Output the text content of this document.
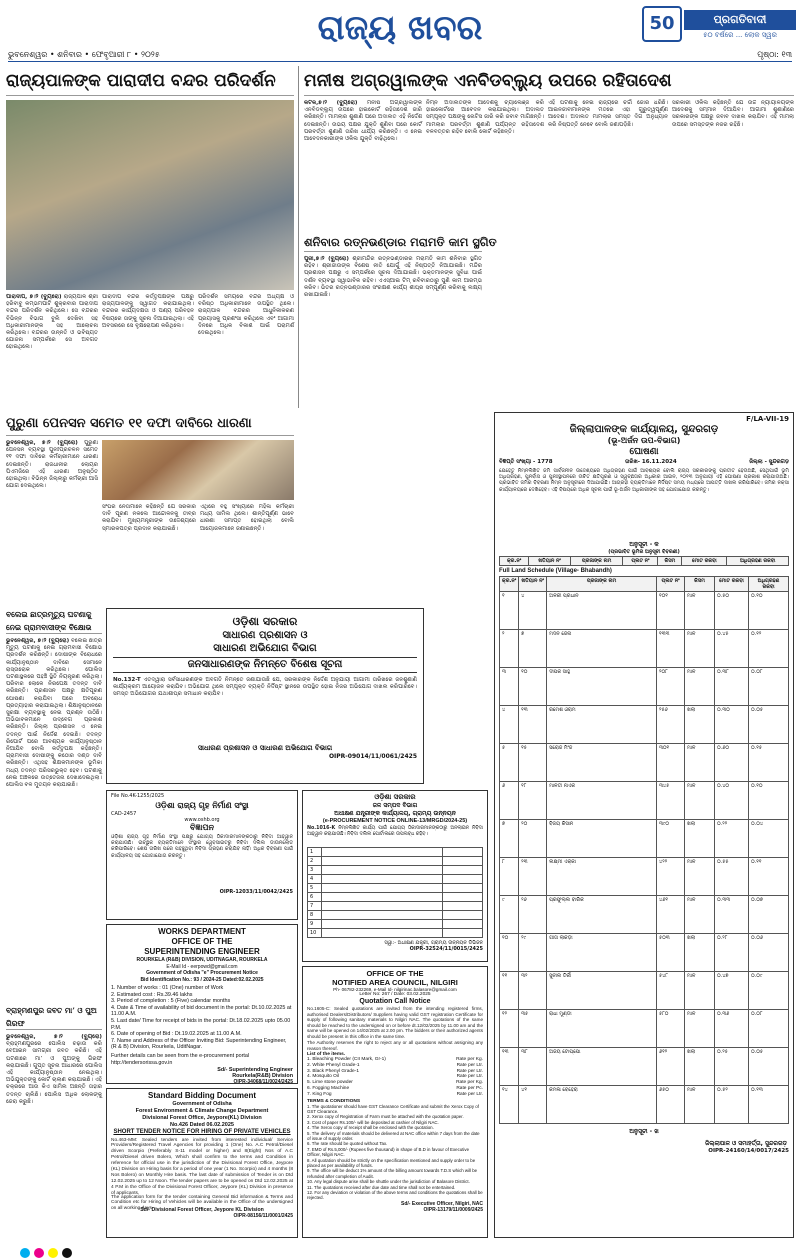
ରାଜ୍ୟ ଖବର	50	ପ୍ରଗତିବାଦୀ
୫୦ ବର୍ଷରେ ... ଲୋକ ସ୍ୱର
ଭୁବନେଶ୍ୱର • ଶନିବାର • ଫେବୃଆରୀ ୮ • ୨୦୨୫	ପୃଷ୍ଠା: ୧୩
ରାଜ୍ୟପାଳଙ୍କ ପାରାଦୀପ ବନ୍ଦର ପରିଦର୍ଶନ
ପାରାଦୀପ, ୭।୨ (ବ୍ୟୁରୋ) ରାଜ୍ୟପାଳ ଶ୍ରୀ ହରିବାବୁ କମ୍ଭମପାଟି ଶୁକ୍ରବାର ପାରାଦୀପ ବନ୍ଦର ପରିଦର୍ଶନ କରିଥିଲେ। ସେ ବନ୍ଦରର ବିଭିନ୍ନ ବିଭାଗ ବୁଲି ଦେଖିବା ସହ ଅଧିକାରୀମାନଙ୍କ ସହ ଆଲୋଚନା କରିଥିଲେ। ବନ୍ଦରର ଉନ୍ନତି ଓ ଭବିଷ୍ୟତ ଯୋଜନା ସମ୍ପର୍କରେ ସେ ଅବଗତ ହୋଇଥିଲେ।
ପାରାଦୀପ ବନ୍ଦର କର୍ତ୍ତୃପକ୍ଷଙ୍କ ପକ୍ଷରୁ ରାଜ୍ୟପାଳଙ୍କୁ ସ୍ୱାଗତ କରାଯାଇଥିଲା। ବନ୍ଦରର କାର୍ଯ୍ୟଦକ୍ଷତା ଓ ପଣ୍ୟ ପରିବହନ ବିଷୟରେ ତାଙ୍କୁ ସୂଚନା ଦିଆଯାଇଥିଲା। ଏହି ଅବସରରେ ସେ ବୃକ୍ଷରୋପଣ କରିଥିଲେ।
ପରିଦର୍ଶନ ସମୟରେ ବନ୍ଦର ଅଧ୍ୟକ୍ଷ ଓ ବରିଷ୍ଠ ଅଧିକାରୀମାନେ ଉପସ୍ଥିତ ଥିଲେ। ରାଜ୍ୟପାଳ ବନ୍ଦରର ଆଧୁନିକୀକରଣ ପ୍ରୟାସକୁ ପ୍ରଶଂସା କରିଥିଲେ ଏବଂ ଆଗାମୀ ଦିନରେ ଅଧିକ ବିକାଶ ପାଇଁ ପରାମର୍ଶ ଦେଇଥିଲେ।
ମନୀଷ ଅଗ୍ରୱାଲଙ୍କ ଏନବିଡବ୍ଲ୍ୟୁ ଉପରେ ରହିତାଦେଶ
କଟକ,୭।୨ (ବ୍ୟୁରୋ) ମନୀଷ ଅଗ୍ରୱାଲଙ୍କ ଏନବିଡବ୍ଲ୍ୟୁ ଉପରେ ହାଇକୋର୍ଟ ରହିତାଦେଶ ଜାରି କରିଛନ୍ତି। ମାମଲାର ଶୁଣାଣି ପରେ ଅଦାଲତ ଏହି ନିର୍ଦ୍ଦେଶ ଦେଇଛନ୍ତି। ଉଭୟ ପକ୍ଷର ଯୁକ୍ତି ଶୁଣିବା ପରେ କୋର୍ଟ ପରବର୍ତ୍ତୀ ଶୁଣାଣି ତାରିଖ ଧାର୍ଯ୍ୟ କରିଛନ୍ତି। ଏ ନେଇ ଆବେଦନକାରୀଙ୍କ ଓକିଲ ଯୁକ୍ତି ବାଢ଼ିଥିଲେ।
ନିମ୍ନ ଅଦାଲତଙ୍କ ଆଦେଶକୁ ଚ୍ୟାଲେଞ୍ଜ କରି ହାଇକୋର୍ଟରେ ଆବେଦନ କରାଯାଇଥିଲା। ଅଦାଲତ ସମ୍ପୃକ୍ତ ପକ୍ଷଙ୍କୁ ନୋଟିସ ଜାରି କରି ଜବାବ ମାଗିଛନ୍ତି। ମାମଲାର ପରବର୍ତ୍ତୀ ଶୁଣାଣି ପର୍ଯ୍ୟନ୍ତ ରହିତାଦେଶ ବଳବତ୍ତର ରହିବ ବୋଲି କୋର୍ଟ କହିଛନ୍ତି।
ଏହି ଘଟଣାକୁ ନେଇ ରାଜ୍ୟରେ ଚର୍ଚ୍ଚା ଜୋର ଧରିଛି। ଆଇନଜୀବୀମାନଙ୍କ ମତରେ ଏହା ଗୁରୁତ୍ୱପୂର୍ଣ୍ଣ ଆଦେଶ। ଅଦାଲତ ମାମଲାର ସମସ୍ତ ଦିଗ ଅନୁଧ୍ୟାନ କରି ନିଷ୍ପତ୍ତି ନେବେ ବୋଲି ଜଣାପଡ଼ିଛି।
ସରକାରୀ ଓକିଲ କହିଛନ୍ତି ଯେ ଉଚ୍ଚ ନ୍ୟାୟାଳୟଙ୍କ ଆଦେଶକୁ ସମ୍ମାନ ଦିଆଯିବ। ଆଗାମୀ ଶୁଣାଣିରେ ସରକାରଙ୍କ ପକ୍ଷରୁ ଜବାବ ଦାଖଲ କରାଯିବ। ଏହି ମାମଲା ଉପରେ ସମସ୍ତଙ୍କ ନଜର ରହିଛି।
ଶନିବାର ରତ୍ନଭଣ୍ଡାର ମରାମତି କାମ ସ୍ଥଗିତ
ପୁରୀ,୭।୨ (ବ୍ୟୁରୋ) ଶ୍ରୀମନ୍ଦିର ରତ୍ନଭଣ୍ଡାରର ମରାମତି କାମ ଶନିବାର ସ୍ଥଗିତ ରହିବ। ଶ୍ରୀଜୀଉଙ୍କ ବିଶେଷ ନୀତି ଯୋଗୁଁ ଏହି ନିଷ୍ପତ୍ତି ନିଆଯାଇଛି। ମନ୍ଦିର ପ୍ରଶାସନ ପକ୍ଷରୁ ଏ ସମ୍ପର୍କରେ ସୂଚନା ଦିଆଯାଇଛି। ଭକ୍ତମାନଙ୍କ ସୁବିଧା ପାଇଁ ଦର୍ଶନ ବ୍ୟବସ୍ଥା ସ୍ୱାଭାବିକ ରହିବ। ଏଏସ୍ଆଇ ଟିମ୍ ରବିବାରଠାରୁ ପୁଣି କାମ ଆରମ୍ଭ କରିବ। ଭିତର ରତ୍ନଭଣ୍ଡାରର ସଂରକ୍ଷଣ କାର୍ଯ୍ୟ ଶୀଘ୍ର ସମ୍ପୂର୍ଣ୍ଣ କରିବାକୁ ଲକ୍ଷ୍ୟ ରଖାଯାଇଛି।
ପୁରୁଣା ପେନସନ ସମେତ ୧୧ ଦଫା ଦାବିରେ ଧାରଣା
ଭୁବନେଶ୍ୱର, ୭।୨ (ବ୍ୟୁରୋ) ପୁରୁଣା ପେନସନ ବ୍ୟବସ୍ଥା ପୁନଃପ୍ରଚଳନ ସମେତ ୧୧ ଦଫା ଦାବିରେ କର୍ମଚାରୀମାନେ ଧାରଣା ଦେଇଛନ୍ତି। ରାଜଧାନୀର ଲୋୟର ପିଏମଜିରେ ଏହି ଧାରଣା ଅନୁଷ୍ଠିତ ହୋଇଥିଲା। ବିଭିନ୍ନ ଜିଲ୍ଲାରୁ କର୍ମଚାରୀ ଆସି ଯୋଗ ଦେଇଥିଲେ।
ସଂଘର ନେତାମାନେ କହିଛନ୍ତି ଯେ ସରକାର ଦାବି ପୂରଣ ନକଲେ ଆନ୍ଦୋଳନକୁ ତୀବ୍ର କରାଯିବ। ମୁଖ୍ୟମନ୍ତ୍ରୀଙ୍କ ଉଦ୍ଦେଶ୍ୟରେ ସ୍ମାରକପତ୍ର ପ୍ରଦାନ କରାଯାଇଛି।
ଏଥିରେ ବହୁ ସଂଖ୍ୟାରେ ମହିଳା କର୍ମଚାରୀ ମଧ୍ୟ ସାମିଲ ଥିଲେ। ଶାନ୍ତିପୂର୍ଣ୍ଣ ଭାବେ ଧାରଣା ସମାପ୍ତ ହୋଇଥିଲା ବୋଲି ଆୟୋଜକମାନେ ଜଣାଇଛନ୍ତି।
ବଲେଇ ଛାତ୍ରମୃତ୍ୟୁ ଘଟଣାକୁ ନେଇ ଗ୍ରାମବାସୀଙ୍କ ବିକ୍ଷୋଭ
ଭୁବନେଶ୍ୱର, ୭।୨ (ବ୍ୟୁରୋ) ବଲେଇ ଛାତ୍ର ମୃତ୍ୟୁ ଘଟଣାକୁ ନେଇ ଗ୍ରାମବାସୀ ବିକ୍ଷୋଭ ପ୍ରଦର୍ଶନ କରିଛନ୍ତି। ଦୋଷୀଙ୍କ ବିରୋଧରେ କାର୍ଯ୍ୟାନୁଷ୍ଠାନ ଦାବିରେ ସେମାନେ ରାସ୍ତାରୋକ କରିଥିଲେ। ପୋଲିସ ଘଟଣାସ୍ଥଳରେ ପହଞ୍ଚି ସ୍ଥିତି ନିୟନ୍ତ୍ରଣ କରିଥିଲା। ପରିବାର ଲୋକେ ନିରପେକ୍ଷ ତଦନ୍ତ ଦାବି କରିଛନ୍ତି। ପ୍ରଶାସନ ପକ୍ଷରୁ କ୍ଷତିପୂରଣ ଘୋଷଣା କରାଯିବା ପରେ ଅବରୋଧ ପ୍ରତ୍ୟାହାର କରାଯାଇଥିଲା। ଶିକ୍ଷାନୁଷ୍ଠାନରେ ସୁରକ୍ଷା ବ୍ୟବସ୍ଥାକୁ ନେଇ ପ୍ରଶ୍ନ ଉଠିଛି। ଅଭିଭାବକମାନେ ଉଦ୍‌ବେଗ ପ୍ରକାଶ କରିଛନ୍ତି। ଜିଲ୍ଲା ପ୍ରଶାସନ ଏ ନେଇ ତଦନ୍ତ ପାଇଁ ନିର୍ଦ୍ଦେଶ ଦେଇଛି। ତଦନ୍ତ ରିପୋର୍ଟ ପରେ ଆବଶ୍ୟକ କାର୍ଯ୍ୟାନୁଷ୍ଠାନ ନିଆଯିବ ବୋଲି କର୍ତ୍ତୃପକ୍ଷ କହିଛନ୍ତି। ଗ୍ରାମବାସୀ ଦୋଷୀଙ୍କୁ କଠୋର ଦଣ୍ଡ ଦାବି କରିଛନ୍ତି। ଏଥିସହ ଶିକ୍ଷକମାନଙ୍କ ଭୂମିକା ମଧ୍ୟ ତଦନ୍ତ ପରିସରଭୁକ୍ତ ହେବ। ଘଟଣାକୁ ନେଇ ଅଞ୍ଚଳରେ ଉତ୍ତେଜନା ଦେଖାଦେଇଥିଲା। ପୋଲିସ ବଳ ମୁତୟନ କରାଯାଇଛି।
ବ୍ରାହ୍ମଣପୁର ଜବତ ମା’ ଓ ପୁଅ ଗିରଫ
ଭୁବନେଶ୍ୱର, ୭।୨ (ବ୍ୟୁରୋ) ବ୍ରାହ୍ମଣପୁରରେ ପୋଲିସ ଚଢ଼ାଉ କରି ବେଆଇନ ସାମଗ୍ରୀ ଜବତ କରିଛି। ଏହି ଘଟଣାରେ ମା’ ଓ ପୁଅଙ୍କୁ ଗିରଫ କରାଯାଇଛି। ଗୁପ୍ତ ସୂଚନା ଆଧାରରେ ପୋଲିସ ଏହି କାର୍ଯ୍ୟାନୁଷ୍ଠାନ ନେଇଥିଲା। ଅଭିଯୁକ୍ତଙ୍କୁ କୋର୍ଟ ଚାଲାଣ କରାଯାଇଛି। ଏହି ଚକ୍ରରେ ଆଉ କିଏ ସାମିଲ ଅଛନ୍ତି ତାହାର ତଦନ୍ତ ଚାଲିଛି। ପୋଲିସ ଅଧିକ ଲୋକଙ୍କୁ ଜେରା କରୁଛି।
ଓଡ଼ିଶା ସରକାର
ସାଧାରଣ ପ୍ରଶାସନ ଓ
ସାଧାରଣ ଅଭିଯୋଗ ବିଭାଗ
ଜନସାଧାରଣଙ୍କ ନିମନ୍ତେ ବିଶେଷ ସୂଚନା
No.132-T ଏତଦ୍ୱାରା ସର୍ବସାଧାରଣଙ୍କ ଅବଗତି ନିମନ୍ତେ ଜଣାଯାଉଛି ଯେ, ସରକାରଙ୍କ ନିର୍ଦ୍ଦେଶ ଅନୁଯାୟୀ ଆଗାମୀ ତାରିଖରେ ଜନଶୁଣାଣି କାର୍ଯ୍ୟକ୍ରମ ଆୟୋଜନ କରାଯିବ। ଅଭିଯୋଗ ଥିଲେ ସମ୍ପୃକ୍ତ ବ୍ୟକ୍ତି ନିର୍ଦ୍ଦିଷ୍ଟ ସ୍ଥାନରେ ଉପସ୍ଥିତ ହୋଇ ନିଜର ଅଭିଯୋଗ ଦାଖଲ କରିପାରିବେ। ସମସ୍ତ ଅଭିଯୋଗର ଯଥାଶୀଘ୍ର ସମାଧାନ କରାଯିବ।
ସାଧାରଣ ପ୍ରଶାସନ ଓ ସାଧାରଣ ଅଭିଯୋଗ ବିଭାଗ
OIPR-09014/11/0061/2425
File No.4K-1255/2025
ଓଡ଼ିଶା ରାଜ୍ୟ ଗୃହ ନିର୍ମାଣ ସଂସ୍ଥା
CAD-2457
www.oshb.org
ବିଜ୍ଞାପନ
ଓଡ଼ିଶା ରାଜ୍ୟ ଗୃହ ନିର୍ମାଣ ସଂସ୍ଥା ପକ୍ଷରୁ ଯୋଗ୍ୟ ଠିକାଦାରମାନଙ୍କଠାରୁ ନିବିଦା ଆହ୍ୱାନ କରାଯାଉଛି। ଇଚ୍ଛୁକ ବ୍ୟକ୍ତିମାନେ ସଂସ୍ଥାର ୱେବସାଇଟରୁ ନିବିଦା ଦଲିଲ ଡାଉନଲୋଡ କରିପାରିବେ। ଶେଷ ତାରିଖ ପରେ ପହଞ୍ଚୁଥିବା ନିବିଦା ଗ୍ରହଣ କରାଯିବ ନାହିଁ। ଅଧିକ ବିବରଣୀ ପାଇଁ କାର୍ଯ୍ୟାଳୟ ସହ ଯୋଗାଯୋଗ କରନ୍ତୁ।
OIPR-12033/11/0042/2425
WORKS DEPARTMENT
OFFICE OF THE
SUPERINTENDING ENGINEER
ROURKELA (R&B) DIVISION, UDITNAGAR, ROURKELA
E-Mail Id - eerpowd@gmail.com
Government of Odisha "e" Procurement Notice
Bid Identification No.: 93 / 2024-25 Dated:02.02.2025
1. Number of works : 01 (One) number of Work
2. Estimated cost : Rs.39.46 lakhs
3. Period of completion : 5 (Five) calendar months
4. Date & Time of availability of bid document in the portal: Dt.10.02.2025 at 11.00 A.M.
5. Last date/ Time for receipt of bids in the portal: Dt.18.02.2025 upto 05.00 P.M.
6. Date of opening of Bid : Dt.19.02.2025 at 11.00 A.M.
7. Name and Address of the Officer Inviting Bid: Superintending Engineer, (R & B) Division, Rourkela, UditNagar.
Further details can be seen from the e-procurement portal http://tendersorissa.gov.in
Sd/- Superintending Engineer
Rourkela(R&B) Division
OIPR-34068/11/0024/2425
Standard Bidding Document
Government of Odisha
Forest Environment & Climate Change Department
Divisional Forest Office, Jeypore(KL) Division
No.426 Dated 06.02.2025
SHORT TENDER NOTICE FOR HIRING OF PRIVATE VEHICLES
No.463-MM: Sealed tenders are invited from interested individual/ Service Providers/Registered Travel Agencies for providing 1 (One) No. A.C Petrol/Diesel driven Scorpio (Preferably S-11 model or higher) and 8(Eight) Nos of A.C Petrol/Diesel driven Bolero, Which shall confirm to the terms and Condition in reference for official use in the jurisdiction of the Divisional Forest Office, Jeypore (KL) Division on Hiring basis for a period of one year (1 No. Scorpio) and 4 months (8 Nos Bolero) on Monthly Hire basis. The last date of submission of Tender is on Dtd 12.02.2025 up to 12 Noon. The tender papers are to be opened on Dtd 12.02.2025 at 4 P.M in the Office of the Divisional Forest Officer, Jeypore (KL) Division in presence of applicants.
The application form for the tender containing General Bid information & Terms and Condition etc for Hiring of Vehicles will be available in the Office of the undersigned on all working days.
Sd/- Divisional Forest Officer, Jeypore KL Division
OIPR-08156/11/0001/2425
ଓଡ଼ିଶା ସରକାର
ଜଳ ସମ୍ପଦ ବିଭାଗ
ଅଧୀକ୍ଷଣ ଯନ୍ତ୍ରୀଙ୍କ କାର୍ଯ୍ୟାଳୟ, ଗ୍ରାମ୍ୟ ଉନ୍ନୟନ
(e-PROCUREMENT NOTICE ONLINE-13/MRGD/2024-25)
No.1016-K ନିମ୍ନଲିଖିତ କାର୍ଯ୍ୟ ପାଇଁ ଯୋଗ୍ୟ ଠିକାଦାରମାନଙ୍କଠାରୁ ଅନଲାଇନ ନିବିଦା ଆହ୍ୱାନ କରାଯାଉଛି। ନିବିଦା ଦଲିଲ ପୋର୍ଟାଲରେ ଉପଲବ୍ଧ ରହିବ।
1		
2		
3		
4		
5		
6		
7		
8		
9		
10		
ସ୍ୱା:- ଅଧୀକ୍ଷଣ ଯନ୍ତ୍ରୀ, ଗ୍ରାମ୍ୟ ଉନ୍ନୟନ ଡିଭିଜନ
OIPR-32524/11/0015/2425
OFFICE OF THE
NOTIFIED AREA COUNCIL, NILGIRI
Ph- 06782-232269, e-Mail Id- nilgirinac.balasore@gmail.com
Letter No: 267 / Date: 03.02.2025
Quotation Call Notice
No.1605-C: Sealed quotations are invited from the intending registered firms, authorised Dealers/Distributors/ Suppliers having valid GST registration Certificate for supply of following sanitary materials to Nilgiri NAC. The quotations of the same should be reached to the undersigned on or before dt.12/02/2025 by 11.00 am and the same will be opened on 14/02/2025 at 2.00 pm. The bidders or their authorized agents should be present in this office in the same time.
The Authority reserves the right to reject any or all quotations without assigning any reason thereof.
List of the items.
1. Bleaching Powder (CII Mark, Gr-1)	Rate per Kg.
2. White Phenyl Grade-1	Rate per Ltr.
3. Black Phenyl Grade-1	Rate per Ltr.
4. Mosquito Oil	Rate per Ltr.
5. Lime stone powder	Rate per Kg.
6. Fogging Machine	Rate per Pc.
7. King Fog	Rate per Ltr.
TERMS & CONDITIONS
1. The quotationer should have GST Clearance Certificate and submit the Xerox Copy of GST Clearance.
2. Xerox copy of Registration of Farm must be attached with the quotation paper.
3. Cost of paper Rs.100/- will be deposited at cashier of Nilgiri NAC.
4. The Xerox copy of receipt shall be enclosed with the quotation.
5. The delivery of materials should be delivered at NAC office within 7 days from the date of issue of supply order.
6. The rate should be quoted without Tax.
7. EMD of Rs.5,000/- (Rupees five thousand) in shape of B.D in favour of Executive Officer, Nilgiri NAC.
8. All quotation should be strictly on the specification mentioned and supply order to be placed as per availability of funds.
9. The office will be deduct 1% amount of the billing amount towards T.D.S which will be refunded after completion of Audit.
10. Any legal dispute arise shall be shuttle under the jurisdiction of Balasore District.
11. The quotations received after due date and time shall not be entertained.
12. For any deviation or violation of the above terms and conditions the quotations shall be rejected.
Sd/- Executive Officer, Nilgiri, NAC
OIPR-13179/11/0009/2425
F/LA-VII-19
ଜିଲ୍ଲାପାଳଙ୍କ କାର୍ଯ୍ୟାଳୟ, ସୁନ୍ଦରଗଡ଼
(ଭୂ-ଅର୍ଜନ ଉପ-ବିଭାଗ)
ଘୋଷଣା
ବିଜ୍ଞପ୍ତି ସଂଖ୍ୟା - 1778	ତାରିଖ- 16.11.2024	ଜିଲ୍ଲା - ସୁନ୍ଦରଗଡ଼
ଯେହେତୁ ନିମ୍ନଲିଖିତ ଜମି ସାର୍ବଜନୀନ ଉଦ୍ଦେଶ୍ୟରେ ଅଧିଗ୍ରହଣ ପାଇଁ ଆବଶ୍ୟକ ବୋଲି ରାଜ୍ୟ ସରକାରଙ୍କୁ ପ୍ରତୀତ ହେଉଅଛି, ସେଥିପାଇଁ ଭୂମି ଅଧିଗ୍ରହଣ, ପୁନର୍ବାସ ଓ ପୁନଃସ୍ଥାପନରେ ଉଚିତ କ୍ଷତିପୂରଣ ଓ ସ୍ୱଚ୍ଛତାର ଅଧିକାର ଆଇନ, ୨୦୧୩ ଅନୁଯାୟୀ ଏହି ଘୋଷଣା ପ୍ରକାଶ କରାଯାଉଅଛି। ପ୍ରଭାବିତ ଜମିର ବିବରଣୀ ନିମ୍ନ ଅନୁସୂଚୀରେ ଦିଆଯାଇଛି। ଆଗ୍ରହୀ ବ୍ୟକ୍ତିମାନେ ନିର୍ଦ୍ଦିଷ୍ଟ ସମୟ ମଧ୍ୟରେ ଆପତ୍ତି ଦାଖଲ କରିପାରିବେ। ଜମିର ନକ୍ସା କାର୍ଯ୍ୟାଳୟରେ ଦେଖିହେବ। ଏହି ବିଷୟରେ ଅଧିକ ସୂଚନା ପାଇଁ ଭୂ-ଅର୍ଜନ ଅଧିକାରୀଙ୍କ ସହ ଯୋଗାଯୋଗ କରନ୍ତୁ।
ଅନୁସୂଚୀ - କ
(ପ୍ରଭାବିତ ଭୂମିର ଅନୁସୂଚୀ ବିବରଣୀ)
କ୍ର.ନଂ	ଖତିୟାନ ନଂ	ପ୍ରଜାଙ୍କ ନାମ	ପ୍ଲଟ ନଂ	କିସମ	ମୋଟ ରକବା	ଅଧିଗ୍ରହଣ ରକବା
Full Land Schedule (Village- Bhabandh)
କ୍ର.ନଂ	ଖତିୟାନ ନଂ	ପ୍ରଜାଙ୍କ ନାମ	ପ୍ଲଟ ନଂ	କିସମ	ମୋଟ ରକବା	ଅଧିଗ୍ରହଣ ରକବା
୧	୪	ଅଳକୀ ପ୍ରଧାନ	୧୦୧	ମାଳ	୦.୫୦	୦.୧୦
୨	୭	ମଦନ ଜେନା	୧୩୩	ମାଳ	୦.୪୫	୦.୧୨
୩	୧୦	ଦୀପକ ସାହୁ	୨୦୮	ମାଳ	୦.୩୮	୦.୦୮
୪	୧୩	ରମେଶ ଓରାମ	୨୫୬	ଖଲା	୦.୩୦	୦.୦୫
୫	୧୫	ସରୋଜ ମିଂଜ	୩୦୧	ମାଳ	୦.୬୦	୦.୧୫
୬	୧୮	ମାଳତୀ ନାଏକ	୩୪୫	ମାଳ	୦.୪୦	୦.୧୦
୭	୨୦	ବିଜୟ କିସାନ	୩୯୦	ଖଲା	୦.୨୨	୦.୦୪
୮	୨୩	ଲକ୍ଷ୍ମୀ ଏକ୍କା	୪୨୨	ମାଳ	୦.୫୫	୦.୧୧
୯	୨୬	ପ୍ରଫୁଲ୍ଲ ବାରିକ	୪୬୧	ମାଳ	୦.୩୩	୦.୦୭
୧୦	୨୯	ଗୀତା ଲାକଡ଼ା	୫୦୩	ଖଲା	୦.୨୮	୦.୦୬
୧୧	୩୨	ସୁନୀଲ ତିର୍କୀ	୫୪୮	ମାଳ	୦.୪୭	୦.୦୯
୧୨	୩୫	ରାଧା ମୁଣ୍ଡା	୫୮୦	ମାଳ	୦.୩୬	୦.୦୮
୧୩	୩୮	ଅଜୟ ଟୋପ୍ପୋ	୬୧୨	ଖଲା	୦.୨୫	୦.୦୫
୧୪	୪୧	କମଳା ବେହେରା	୬୫୦	ମାଳ	୦.୫୨	୦.୧୩
ଅନୁସୂଚୀ - ଖ
ଜିଲ୍ଲାପାଳ ଓ ସମାହର୍ତ୍ତା, ସୁନ୍ଦରଗଡ଼
OIPR-24160/14/0017/2425
